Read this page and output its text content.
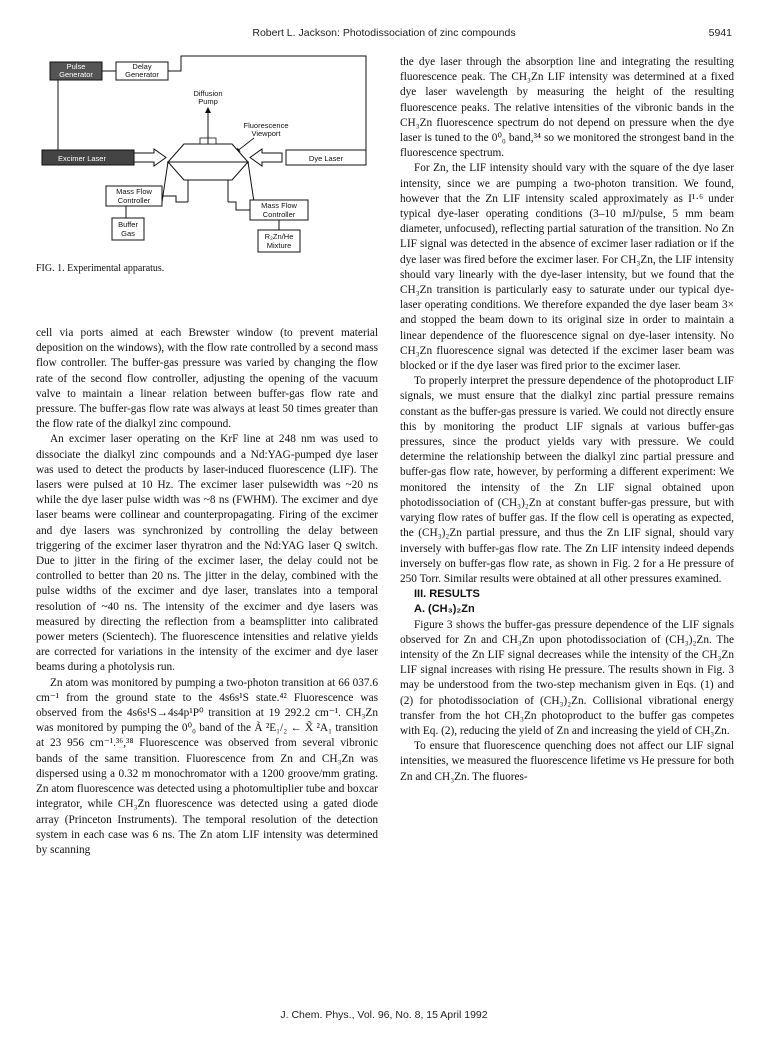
Robert L. Jackson: Photodissociation of zinc compounds	5941
Pulse
Generator
Delay
Generator
Diffusion
Pump
Fluorescence
Viewport
Excimer Laser	Dye Laser
Mass Flow
Controller
Buffer
Gas
Mass Flow
Controller
R₂Zn/He
Mixture
FIG. 1. Experimental apparatus.

cell via ports aimed at each Brewster window (to prevent material deposition on the windows), with the flow rate controlled by a second mass flow controller. The buffer-gas pressure was varied by changing the flow rate of the second flow controller, adjusting the opening of the vacuum valve to maintain a linear relation between buffer-gas flow rate and pressure. The buffer-gas flow rate was always at least 50 times greater than the flow rate of the dialkyl zinc compound.

An excimer laser operating on the KrF line at 248 nm was used to dissociate the dialkyl zinc compounds and a Nd:YAG-pumped dye laser was used to detect the products by laser-induced fluorescence (LIF). The lasers were pulsed at 10 Hz. The excimer laser pulsewidth was ~20 ns while the dye laser pulse width was ~8 ns (FWHM). The excimer and dye laser beams were collinear and counterpropagating. Firing of the excimer and dye lasers was synchronized by controlling the delay between triggering of the excimer laser thyratron and the Nd:YAG laser Q switch. Due to jitter in the firing of the excimer laser, the delay could not be controlled to better than 20 ns. The jitter in the delay, combined with the pulse widths of the excimer and dye laser, translates into a temporal resolution of ~40 ns. The intensity of the excimer and dye lasers was measured by directing the reflection from a beamsplitter into calibrated power meters (Scientech). The fluorescence intensities and relative yields are corrected for variations in the intensity of the excimer and dye laser beams during a photolysis run.

Zn atom was monitored by pumping a two-photon transition at 66 037.6 cm⁻¹ from the ground state to the 4s6s¹S state.⁴² Fluorescence was observed from the 4s6s¹S→4s4p¹P⁰ transition at 19 292.2 cm⁻¹. CH₃Zn was monitored by pumping the 0⁰₀ band of the Ã ²E₁/₂ ← X̃ ²A₁ transition at 23 956 cm⁻¹.³⁶,³⁸ Fluorescence was observed from several vibronic bands of the same transition. Fluorescence from Zn and CH₃Zn was dispersed using a 0.32 m monochromator with a 1200 groove/mm grating. Zn atom fluorescence was detected using a photomultiplier tube and boxcar integrator, while CH₃Zn fluorescence was detected using a gated diode array (Princeton Instruments). The temporal resolution of the detection system in each case was 6 ns. The Zn atom LIF intensity was determined by scanning

the dye laser through the absorption line and integrating the resulting fluorescence peak. The CH₃Zn LIF intensity was determined at a fixed dye laser wavelength by measuring the height of the resulting fluorescence peaks. The relative intensities of the vibronic bands in the CH₃Zn fluorescence spectrum do not depend on pressure when the dye laser is tuned to the 0⁰₀ band,³⁴ so we monitored the strongest band in the fluorescence spectrum.

For Zn, the LIF intensity should vary with the square of the dye laser intensity, since we are pumping a two-photon transition. We found, however that the Zn LIF intensity scaled approximately as I¹·⁶ under typical dye-laser operating conditions (3–10 mJ/pulse, 5 mm beam diameter, unfocused), reflecting partial saturation of the transition. No Zn LIF signal was detected in the absence of excimer laser radiation or if the dye laser was fired before the excimer laser. For CH₃Zn, the LIF intensity should vary linearly with the dye-laser intensity, but we found that the CH₃Zn transition is particularly easy to saturate under our typical dye-laser operating conditions. We therefore expanded the dye laser beam 3× and stopped the beam down to its original size in order to maintain a linear dependence of the fluorescence signal on dye-laser intensity. No CH₃Zn fluorescence signal was detected if the excimer laser beam was blocked or if the dye laser was fired prior to the excimer laser.

To properly interpret the pressure dependence of the photoproduct LIF signals, we must ensure that the dialkyl zinc partial pressure remains constant as the buffer-gas pressure is varied. We could not directly ensure this by monitoring the product LIF signals at various buffer-gas pressures, since the product yields vary with pressure. We could determine the relationship between the dialkyl zinc partial pressure and buffer-gas flow rate, however, by performing a different experiment: We monitored the intensity of the Zn LIF signal obtained upon photodissociation of (CH₃)₂Zn at constant buffer-gas pressure, but with varying flow rates of buffer gas. If the flow cell is operating as expected, the (CH₃)₂Zn partial pressure, and thus the Zn LIF signal, should vary inversely with buffer-gas flow rate. The Zn LIF intensity indeed depends inversely on buffer-gas flow rate, as shown in Fig. 2 for a He pressure of 250 Torr. Similar results were obtained at all other pressures examined.

III. RESULTS

A. (CH₃)₂Zn

Figure 3 shows the buffer-gas pressure dependence of the LIF signals observed for Zn and CH₃Zn upon photodissociation of (CH₃)₂Zn. The intensity of the Zn LIF signal decreases while the intensity of the CH₃Zn LIF signal increases with rising He pressure. The results shown in Fig. 3 may be understood from the two-step mechanism given in Eqs. (1) and (2) for photodissociation of (CH₃)₂Zn. Collisional vibrational energy transfer from the hot CH₃Zn photoproduct to the buffer gas competes with Eq. (2), reducing the yield of Zn and increasing the yield of CH₃Zn.

To ensure that fluorescence quenching does not affect our LIF signal intensities, we measured the fluorescence lifetime vs He pressure for both Zn and CH₃Zn. The fluores-

J. Chem. Phys., Vol. 96, No. 8, 15 April 1992
